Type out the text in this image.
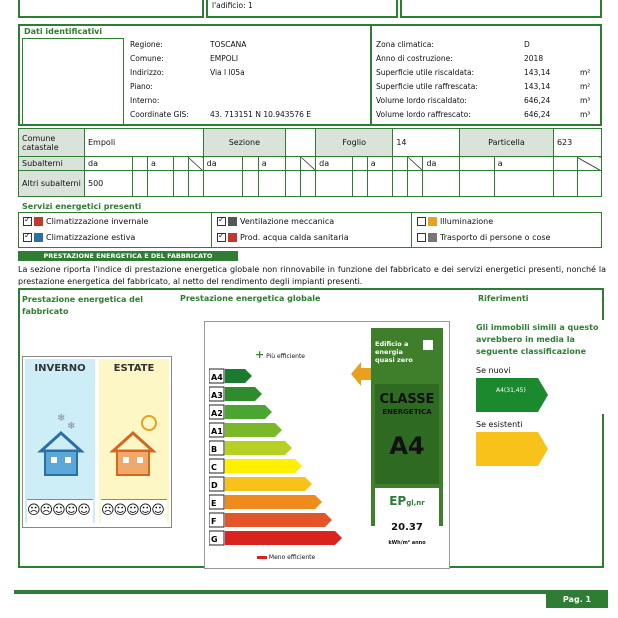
l'adificio: 1
Dati identificativi
Regione:	TOSCANA
Comune:	EMPOLI
Indirizzo:	Via l l05a
Piano:
Interno:
Coordinate GIS:	43. 713151 N 10.943576 E
Zona climatica:	D
Anno di costruzione:	2018
Superficie utile riscaldata:	143,14	m²
Superficie utile raffrescata:	143,14	m²
Volume lordo riscaldato:	646,24	m³
Volume lordo raffrescato:	646,24	m³
Comune catastale	Empoli					Sezione					Foglio			14			Particella		623	
Subalterni	da		a			da		a			da		a			da		a		
Altri subalterni	500																			
Servizi energetici presenti
✓Climatizzazione invernale
✓Climatizzazione estiva
✓Ventilazione meccanica
✓Prod. acqua calda sanitaria
Illuminazione
Trasporto di persone o cose
PRESTAZIONE ENERGETICA E DEL FABBRICATO
La sezione riporta l'indice di prestazione energetica globale non rinnovabile in funzione del fabbricato e dei servizi energetici presenti, nonché la prestazione energetica del fabbricato, al netto del rendimento degli impianti presenti.
Prestazione energetica del fabbricato
Prestazione energetica globale	Riferimenti
INVERNO
❄
❄
☹☹☺☺☺
ESTATE
☹☺☺☺☺
+ Più efficiente
A4
A3
A2
A1
B
C
D
E
F
G
Meno efficiente
Edificio a energia quasi zero
CLASSE
ENERGETICA
A4
EPgl,nr
20.37
kWh/m² anno
Gli immobili simili a questo avrebbero in media la seguente classificazione
Se nuovi
A4(31,45)
Se esistenti
Pag. 1
